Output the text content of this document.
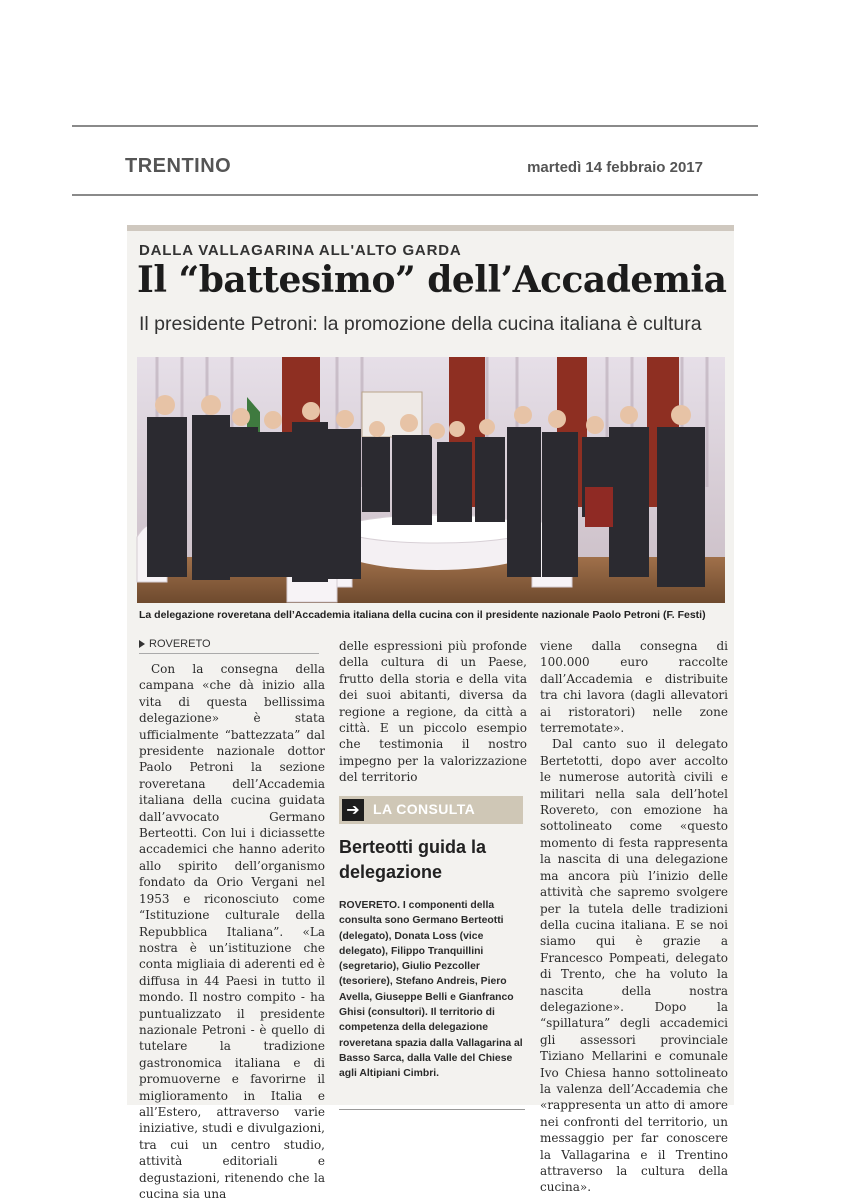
TRENTINO	martedì 14 febbraio 2017
DALLA VALLAGARINA ALL'ALTO GARDA
Il “battesimo” dell’Accademia
Il presidente Petroni: la promozione della cucina italiana è cultura
La delegazione roveretana dell’Accademia italiana della cucina con il presidente nazionale Paolo Petroni (F. Festi)
ROVERETO

Con la consegna della campana «che dà inizio alla vita di questa bellissima delegazione» è stata ufficialmente “battezzata” dal presidente nazionale dottor Paolo Petroni la sezione roveretana dell’Accademia italiana della cucina guidata dall’avvocato Germano Berteotti. Con lui i diciassette accademici che hanno aderito allo spirito dell’organismo fondato da Orio Vergani nel 1953 e riconosciuto come “Istituzione culturale della Repubblica Italiana”. «La nostra è un’istituzione che conta migliaia di aderenti ed è diffusa in 44 Paesi in tutto il mondo. Il nostro compito - ha puntualizzato il presidente nazionale Petroni - è quello di tutelare la tradizione gastronomica italiana e di promuoverne e favorirne il miglioramento in Italia e all’Estero, attraverso varie iniziative, studi e divulgazioni, tra cui un centro studio, attività editoriali e degustazioni, ritenendo che la cucina sia una

delle espressioni più profonde della cultura di un Paese, frutto della storia e della vita dei suoi abitanti, diversa da regione a regione, da città a città. E un piccolo esempio che testimonia il nostro impegno per la valorizzazione del territorio

➔ LA CONSULTA
Berteotti guida la delegazione
ROVERETO. I componenti della consulta sono Germano Berteotti (delegato), Donata Loss (vice delegato), Filippo Tranquillini (segretario), Giulio Pezcoller (tesoriere), Stefano Andreis, Piero Avella, Giuseppe Belli e Gianfranco Ghisi (consultori). Il territorio di competenza della delegazione roveretana spazia dalla Vallagarina al Basso Sarca, dalla Valle del Chiese agli Altipiani Cimbri.

viene dalla consegna di 100.000 euro raccolte dall’Accademia e distribuite tra chi lavora (dagli allevatori ai ristoratori) nelle zone terremotate».

Dal canto suo il delegato Bertetotti, dopo aver accolto le numerose autorità civili e militari nella sala dell’hotel Rovereto, con emozione ha sottolineato come «questo momento di festa rappresenta la nascita di una delegazione ma ancora più l’inizio delle attività che sapremo svolgere per la tutela delle tradizioni della cucina italiana. E se noi siamo qui è grazie a Francesco Pompeati, delegato di Trento, che ha voluto la nascita della nostra delegazione». Dopo la “spillatura” degli accademici gli assessori provinciale Tiziano Mellarini e comunale Ivo Chiesa hanno sottolineato la valenza dell’Accademia che «rappresenta un atto di amore nei confronti del territorio, un messaggio per far conoscere la Vallagarina e il Trentino attraverso la cultura della cucina».
